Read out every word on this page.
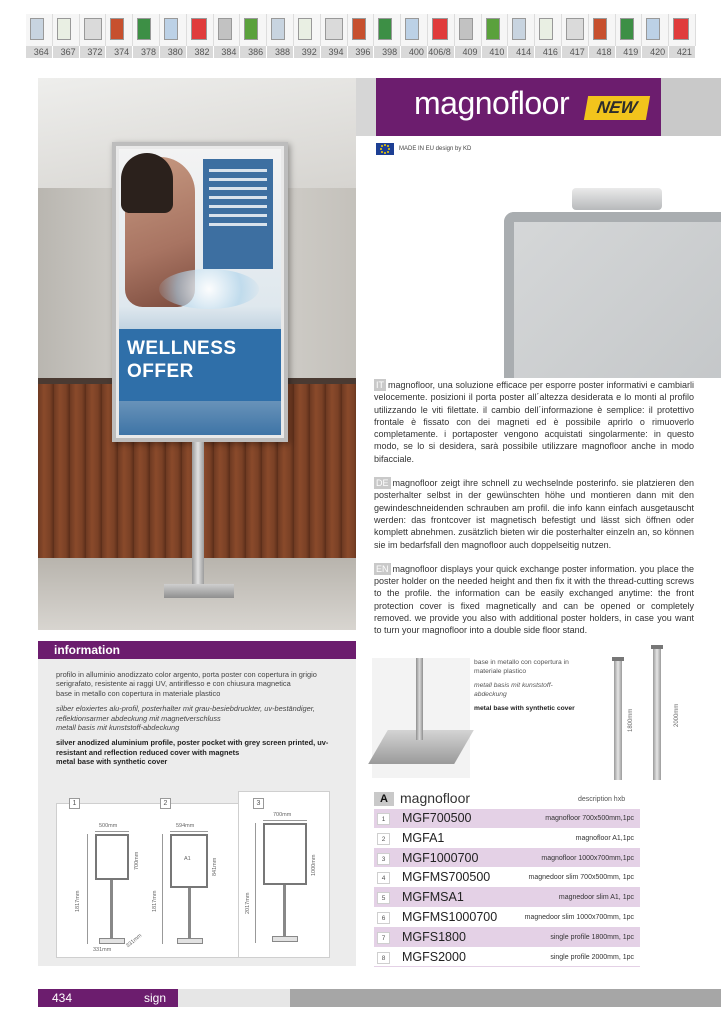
364	367	372	374	378	380	382	384	386	388	392	394	396	398	400 406/8	409	410	414	416	417	418	419	420	421
WELLNESS
OFFER
magnofloor	NEW
MADE IN EU design by KD

IT magnofloor, una soluzione efficace per esporre poster informativi e cambiarli velocemente. posizioni il porta poster all´altezza desiderata e lo monti al profilo utilizzando le viti filettate. il cambio dell´informazione è semplice: il protettivo frontale è fissato con dei magneti ed è possibile aprirlo o rimuoverlo completamente. i portaposter vengono acquistati singolarmente: in questo modo, se lo si desidera, sarà possibile utilizzare magnofloor anche in modo bifacciale.

DE magnofloor zeigt ihre schnell zu wechselnde posterinfo. sie platzieren den posterhalter selbst in der gewünschten höhe und montieren dann mit den gewindeschneidenden schrauben am profil. die info kann einfach ausgetauscht werden: das frontcover ist magnetisch befestigt und lässt sich öffnen oder komplett abnehmen. zusätzlich bieten wir die posterhalter einzeln an, so können sie im bedarfsfall den magnofloor auch doppelseitig nutzen.

EN magnofloor displays your quick exchange poster information. you place the poster holder on the needed height and then fix it with the thread-cutting screws to the profile. the information can be easily exchanged anytime: the front protection cover is fixed magnetically and can be opened or completely removed. we provide you also with additional poster holders, in case you want to turn your magnofloor into a double side floor stand.

information

profilo in alluminio anodizzato color argento, porta poster con copertura in grigio serigrafato, resistente ai raggi UV, antiriflesso e con chiusura magnetica
base in metallo con copertura in materiale plastico

silber eloxiertes alu-profil, posterhalter mit grau-besiebdruckter, uv-beständiger, reflektionsarmer abdeckung mit magnetverschluss
metall basis mit kunststoff-abdeckung

silver anodized aluminium profile, poster pocket with grey screen printed, uv-resistant and reflection reduced cover with magnets
metal base with synthetic cover

1
500mm
700mm
1817mm
331mm
331mm
2
594mm
A1	841mm
1817mm
3
700mm
1000mm
2017mm

base in metallo con copertura in materiale plastico

metall basis mit kunststoff-abdeckung

metal base with synthetic cover	1800mm	2000mm
A magnofloor	description hxb
1	MGF700500	magnofloor 700x500mm,1pc
2	MGFA1	magnofloor A1,1pc
3	MGF1000700	magnofloor 1000x700mm,1pc
4	MGFMS700500	magnedoor slim 700x500mm, 1pc
5	MGFMSA1	magnedoor slim A1, 1pc
6	MGFMS1000700	magnedoor slim 1000x700mm, 1pc
7	MGFS1800	single profile 1800mm, 1pc
8	MGFS2000	single profile 2000mm, 1pc
434	sign
